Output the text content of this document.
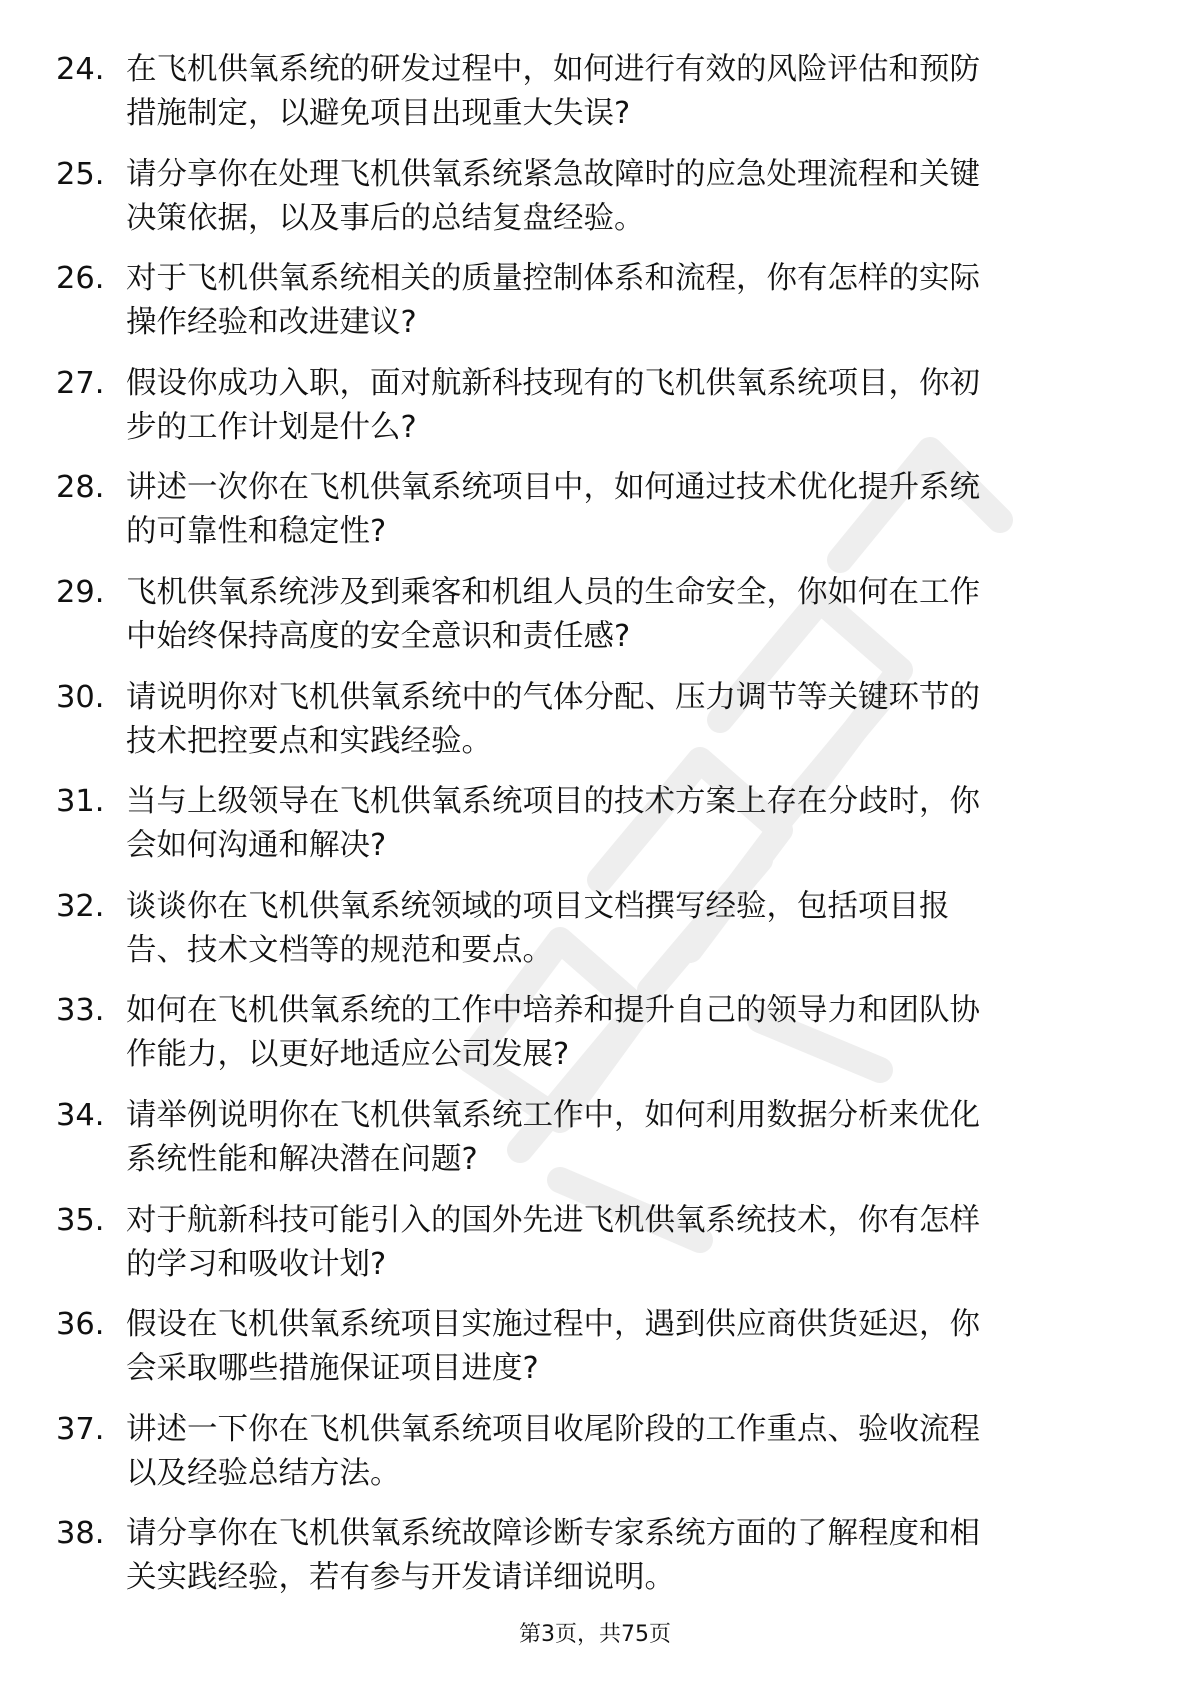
24. 在飞机供氧系统的研发过程中，如何进行有效的风险评估和预防
措施制定，以避免项目出现重大失误?
25. 请分享你在处理飞机供氧系统紧急故障时的应急处理流程和关键
决策依据，以及事后的总结复盘经验。
26. 对于飞机供氧系统相关的质量控制体系和流程，你有怎样的实际
操作经验和改进建议?
27. 假设你成功入职，面对航新科技现有的飞机供氧系统项目，你初
步的工作计划是什么?
28. 讲述一次你在飞机供氧系统项目中，如何通过技术优化提升系统
的可靠性和稳定性?
29. 飞机供氧系统涉及到乘客和机组人员的生命安全，你如何在工作
中始终保持高度的安全意识和责任感?
30. 请说明你对飞机供氧系统中的气体分配、压力调节等关键环节的
技术把控要点和实践经验。
31. 当与上级领导在飞机供氧系统项目的技术方案上存在分歧时，你
会如何沟通和解决?
32. 谈谈你在飞机供氧系统领域的项目文档撰写经验，包括项目报
告、技术文档等的规范和要点。
33. 如何在飞机供氧系统的工作中培养和提升自己的领导力和团队协
作能力，以更好地适应公司发展?
34. 请举例说明你在飞机供氧系统工作中，如何利用数据分析来优化
系统性能和解决潜在问题?
35. 对于航新科技可能引入的国外先进飞机供氧系统技术，你有怎样
的学习和吸收计划?
36. 假设在飞机供氧系统项目实施过程中，遇到供应商供货延迟，你
会采取哪些措施保证项目进度?
37. 讲述一下你在飞机供氧系统项目收尾阶段的工作重点、验收流程
以及经验总结方法。
38. 请分享你在飞机供氧系统故障诊断专家系统方面的了解程度和相
关实践经验，若有参与开发请详细说明。
第3页，共75页
